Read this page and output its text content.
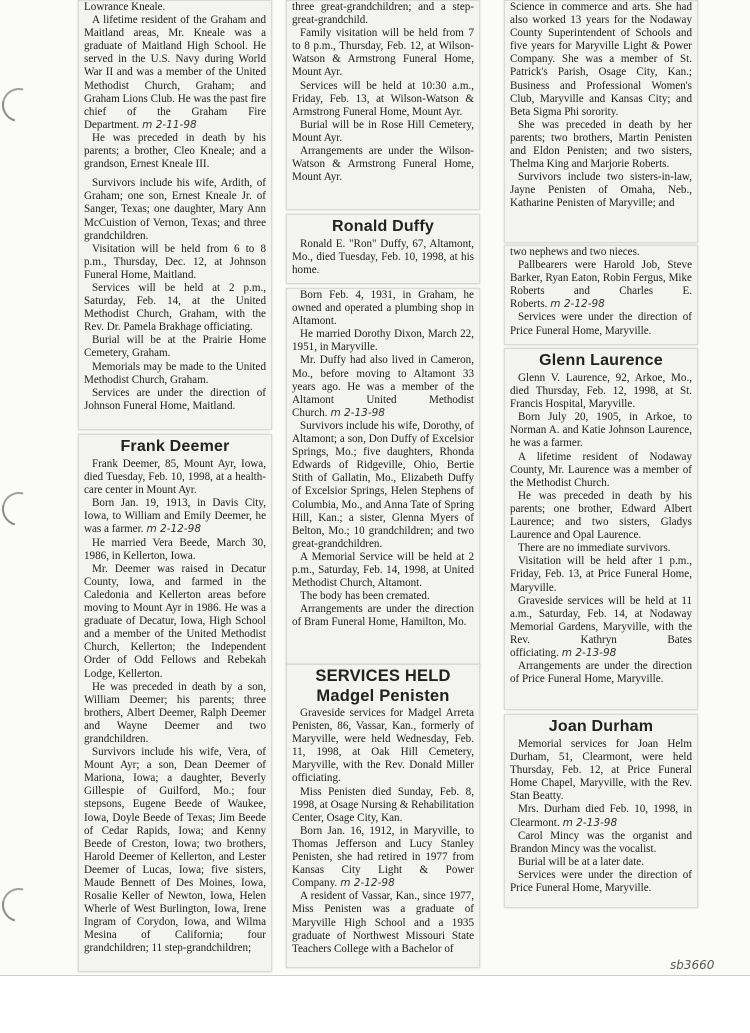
Lowrance Kneale.

A lifetime resident of the Graham and Maitland areas, Mr. Kneale was a graduate of Maitland High School. He served in the U.S. Navy during World War II and was a member of the United Methodist Church, Graham; and Graham Lions Club. He was the past fire chief of the Graham Fire Department. m 2-11-98

He was preceded in death by his parents; a brother, Cleo Kneale; and a grandson, Ernest Kneale III.

Survivors include his wife, Ardith, of Graham; one son, Ernest Kneale Jr. of Sanger, Texas; one daughter, Mary Ann McCuistion of Vernon, Texas; and three grandchildren.

Visitation will be held from 6 to 8 p.m., Thursday, Dec. 12, at Johnson Funeral Home, Maitland.

Services will be held at 2 p.m., Saturday, Feb. 14, at the United Methodist Church, Graham, with the Rev. Dr. Pamela Brakhage officiating.

Burial will be at the Prairie Home Cemetery, Graham.

Memorials may be made to the United Methodist Church, Graham.

Services are under the direction of Johnson Funeral Home, Maitland.

Frank Deemer

Frank Deemer, 85, Mount Ayr, Iowa, died Tuesday, Feb. 10, 1998, at a health-care center in Mount Ayr.

Born Jan. 19, 1913, in Davis City, Iowa, to William and Emily Deemer, he was a farmer. m 2-12-98

He married Vera Beede, March 30, 1986, in Kellerton, Iowa.

Mr. Deemer was raised in Decatur County, Iowa, and farmed in the Caledonia and Kellerton areas before moving to Mount Ayr in 1986. He was a graduate of Decatur, Iowa, High School and a member of the United Methodist Church, Kellerton; the Independent Order of Odd Fellows and Rebekah Lodge, Kellerton.

He was preceded in death by a son, William Deemer; his parents; three brothers, Albert Deemer, Ralph Deemer and Wayne Deemer and two grandchildren.

Survivors include his wife, Vera, of Mount Ayr; a son, Dean Deemer of Mariona, Iowa; a daughter, Beverly Gillespie of Guilford, Mo.; four stepsons, Eugene Beede of Waukee, Iowa, Doyle Beede of Texas; Jim Beede of Cedar Rapids, Iowa; and Kenny Beede of Creston, Iowa; two brothers, Harold Deemer of Kellerton, and Lester Deemer of Lucas, Iowa; five sisters, Maude Bennett of Des Moines, Iowa, Rosalie Keller of Newton, Iowa, Helen Wherle of West Burlington, Iowa, Irene Ingram of Corydon, Iowa, and Wilma Mesina of California; four grandchildren; 11 step-grandchildren;

three great-grandchildren; and a step-great-grandchild.

Family visitation will be held from 7 to 8 p.m., Thursday, Feb. 12, at Wilson-Watson & Armstrong Funeral Home, Mount Ayr.

Services will be held at 10:30 a.m., Friday, Feb. 13, at Wilson-Watson & Armstrong Funeral Home, Mount Ayr.

Burial will be in Rose Hill Cemetery, Mount Ayr.

Arrangements are under the Wilson-Watson & Armstrong Funeral Home, Mount Ayr.

Ronald Duffy

Ronald E. "Ron" Duffy, 67, Altamont, Mo., died Tuesday, Feb. 10, 1998, at his home.

Born Feb. 4, 1931, in Graham, he owned and operated a plumbing shop in Altamont.

He married Dorothy Dixon, March 22, 1951, in Maryville.

Mr. Duffy had also lived in Cameron, Mo., before moving to Altamont 33 years ago. He was a member of the Altamont United Methodist Church. m 2-13-98

Survivors include his wife, Dorothy, of Altamont; a son, Don Duffy of Excelsior Springs, Mo.; five daughters, Rhonda Edwards of Ridgeville, Ohio, Bertie Stith of Gallatin, Mo., Elizabeth Duffy of Excelsior Springs, Helen Stephens of Columbia, Mo., and Anna Tate of Spring Hill, Kan.; a sister, Glenna Myers of Belton, Mo.; 10 grandchildren; and two great-grandchildren.

A Memorial Service will be held at 2 p.m., Saturday, Feb. 14, 1998, at United Methodist Church, Altamont.

The body has been cremated.

Arrangements are under the direction of Bram Funeral Home, Hamilton, Mo.

SERVICES HELD
Madgel Penisten

Graveside services for Madgel Arreta Penisten, 86, Vassar, Kan., formerly of Maryville, were held Wednesday, Feb. 11, 1998, at Oak Hill Cemetery, Maryville, with the Rev. Donald Miller officiating.

Miss Penisten died Sunday, Feb. 8, 1998, at Osage Nursing & Rehabilitation Center, Osage City, Kan.

Born Jan. 16, 1912, in Maryville, to Thomas Jefferson and Lucy Stanley Penisten, she had retired in 1977 from Kansas City Light & Power Company. m 2-12-98

A resident of Vassar, Kan., since 1977, Miss Penisten was a graduate of Maryville High School and a 1935 graduate of Northwest Missouri State Teachers College with a Bachelor of

Science in commerce and arts. She had also worked 13 years for the Nodaway County Superintendent of Schools and five years for Maryville Light & Power Company. She was a member of St. Patrick's Parish, Osage City, Kan.; Business and Professional Women's Club, Maryville and Kansas City; and Beta Sigma Phi sorority.

She was preceded in death by her parents; two brothers, Martin Penisten and Eldon Penisten; and two sisters, Thelma King and Marjorie Roberts.

Survivors include two sisters-in-law, Jayne Penisten of Omaha, Neb., Katharine Penisten of Maryville; and

two nephews and two nieces.

Pallbearers were Harold Job, Steve Barker, Ryan Eaton, Robin Fergus, Mike Roberts and Charles E. Roberts. m 2-12-98

Services were under the direction of Price Funeral Home, Maryville.

Glenn Laurence

Glenn V. Laurence, 92, Arkoe, Mo., died Thursday, Feb. 12, 1998, at St. Francis Hospital, Maryville.

Born July 20, 1905, in Arkoe, to Norman A. and Katie Johnson Laurence, he was a farmer.

A lifetime resident of Nodaway County, Mr. Laurence was a member of the Methodist Church.

He was preceded in death by his parents; one brother, Edward Albert Laurence; and two sisters, Gladys Laurence and Opal Laurence.

There are no immediate survivors.

Visitation will be held after 1 p.m., Friday, Feb. 13, at Price Funeral Home, Maryville.

Graveside services will be held at 11 a.m., Saturday, Feb. 14, at Nodaway Memorial Gardens, Maryville, with the Rev. Kathryn Bates officiating. m 2-13-98

Arrangements are under the direction of Price Funeral Home, Maryville.

Joan Durham

Memorial services for Joan Helm Durham, 51, Clearmont, were held Thursday, Feb. 12, at Price Funeral Home Chapel, Maryville, with the Rev. Stan Beatty.

Mrs. Durham died Feb. 10, 1998, in Clearmont. m 2-13-98

Carol Mincy was the organist and Brandon Mincy was the vocalist.

Burial will be at a later date.

Services were under the direction of Price Funeral Home, Maryville.

sb3660
